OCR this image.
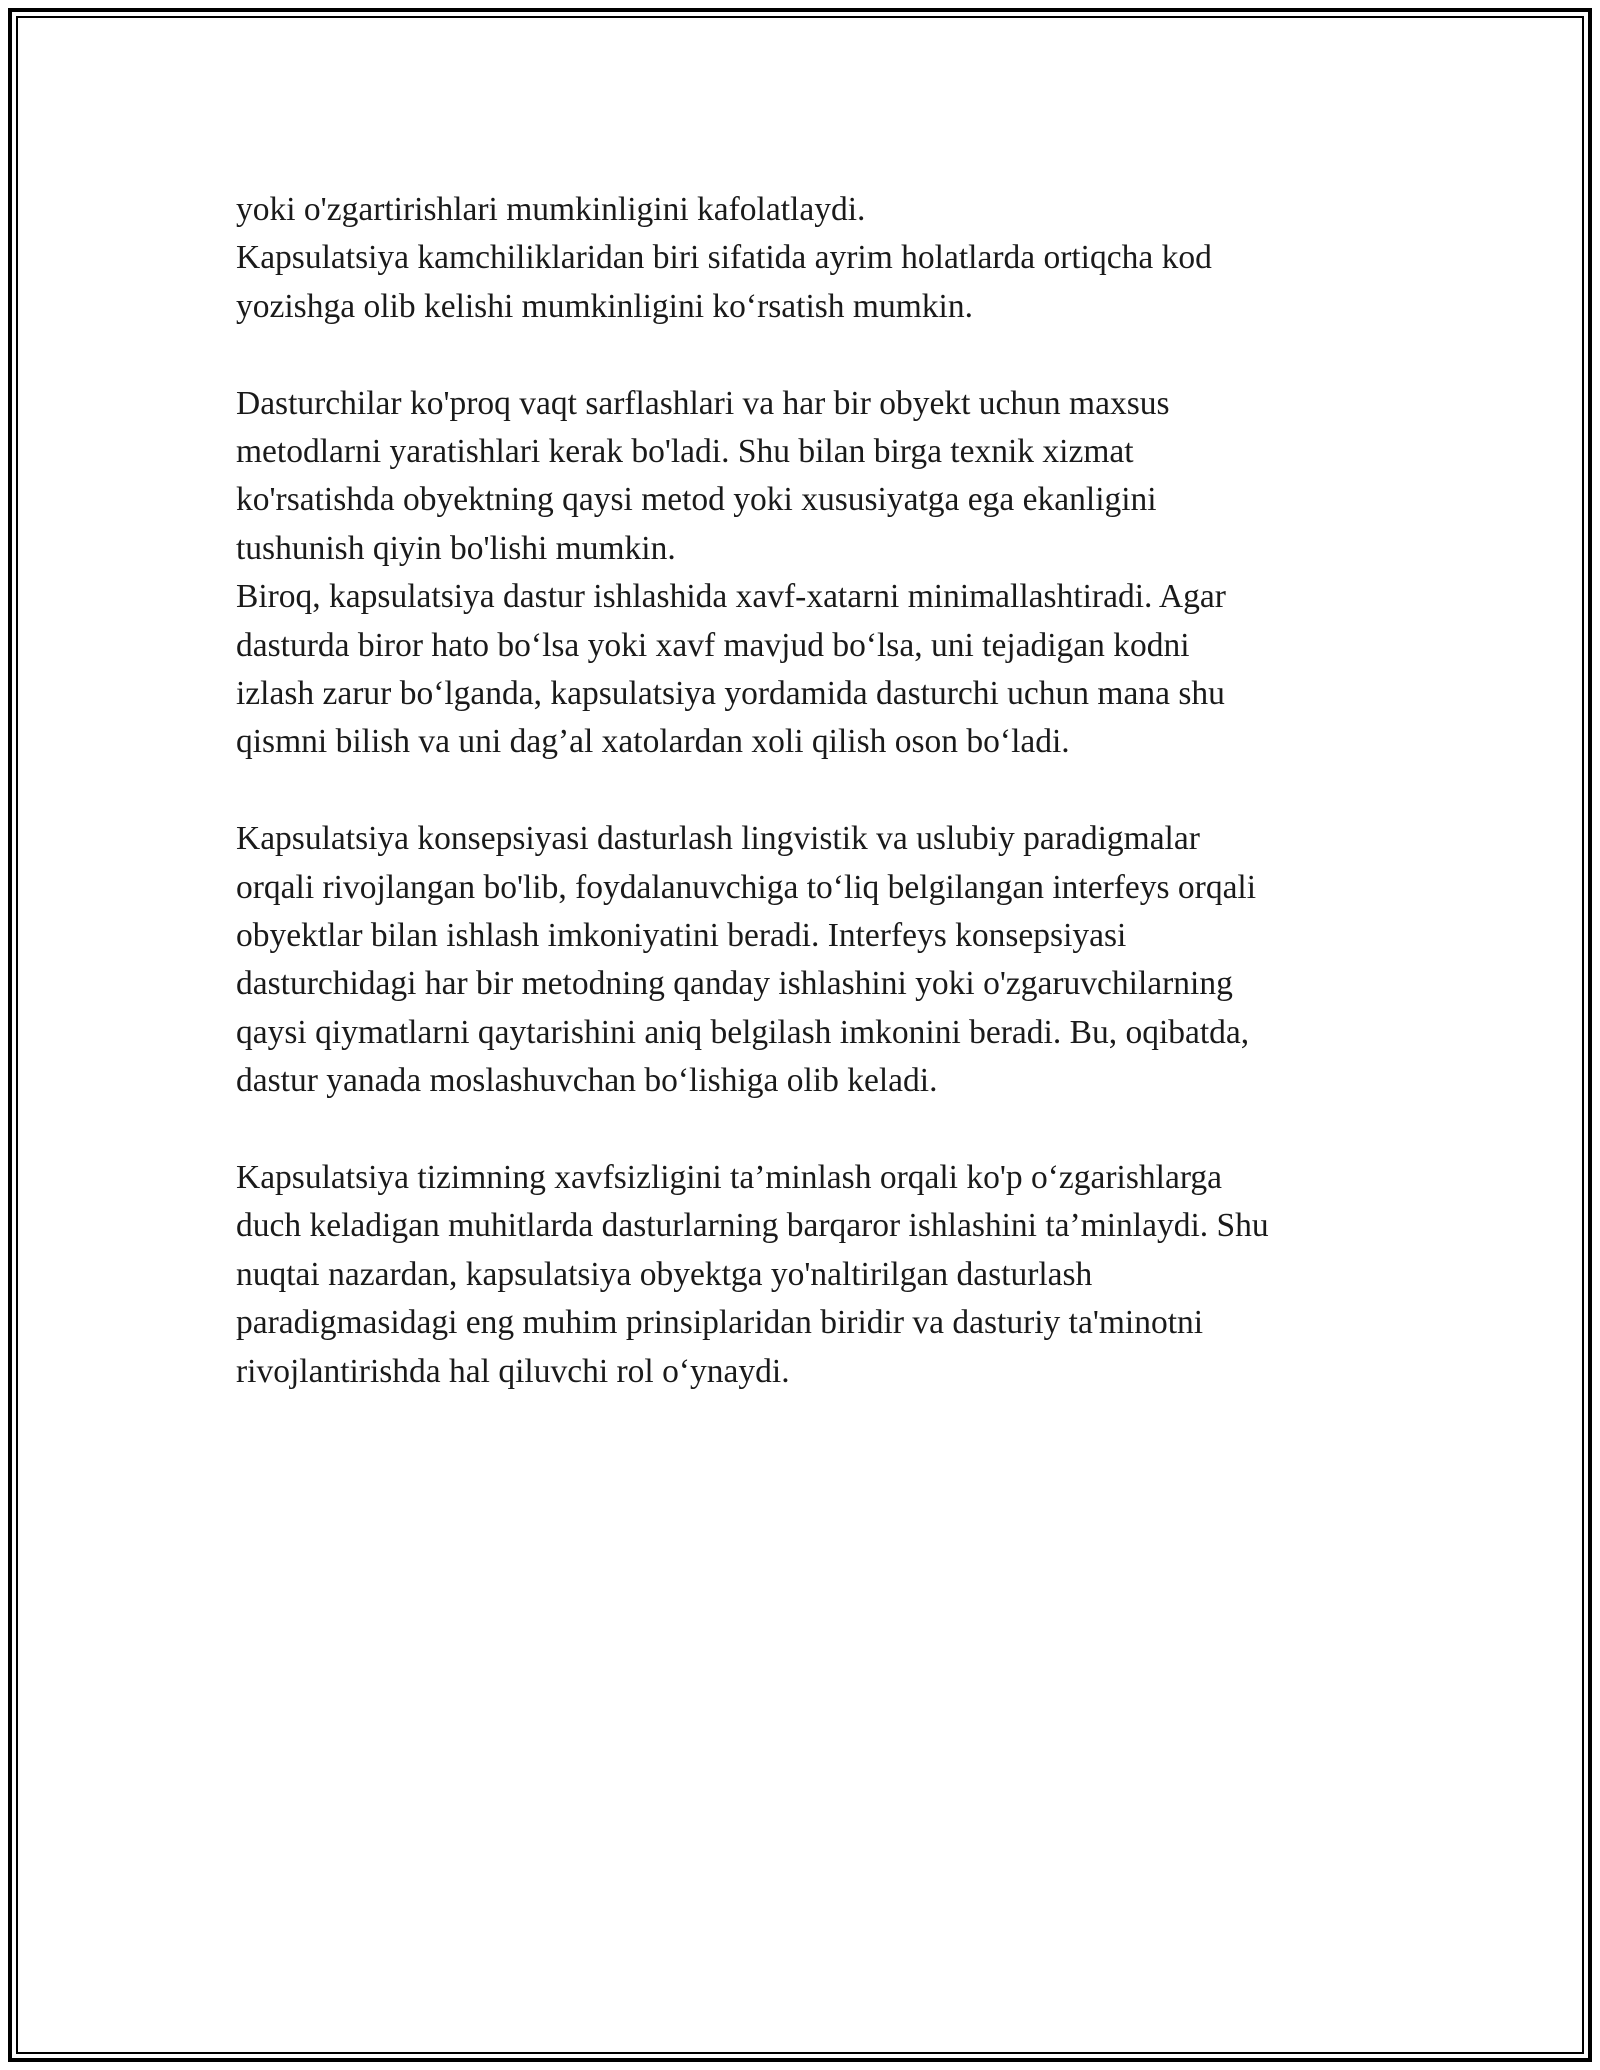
yoki o'zgartirishlari mumkinligini kafolatlaydi.
Kapsulatsiya kamchiliklaridan biri sifatida ayrim holatlarda ortiqcha kod
yozishga olib kelishi mumkinligini ko‘rsatish mumkin.

Dasturchilar ko'proq vaqt sarflashlari va har bir obyekt uchun maxsus
metodlarni yaratishlari kerak bo'ladi. Shu bilan birga texnik xizmat
ko'rsatishda obyektning qaysi metod yoki xususiyatga ega ekanligini
tushunish qiyin bo'lishi mumkin.
Biroq, kapsulatsiya dastur ishlashida xavf-xatarni minimallashtiradi. Agar
dasturda biror hato bo‘lsa yoki xavf mavjud bo‘lsa, uni tejadigan kodni
izlash zarur bo‘lganda, kapsulatsiya yordamida dasturchi uchun mana shu
qismni bilish va uni dag’al xatolardan xoli qilish oson bo‘ladi.

Kapsulatsiya konsepsiyasi dasturlash lingvistik va uslubiy paradigmalar
orqali rivojlangan bo'lib, foydalanuvchiga to‘liq belgilangan interfeys orqali
obyektlar bilan ishlash imkoniyatini beradi. Interfeys konsepsiyasi
dasturchidagi har bir metodning qanday ishlashini yoki o'zgaruvchilarning
qaysi qiymatlarni qaytarishini aniq belgilash imkonini beradi. Bu, oqibatda,
dastur yanada moslashuvchan bo‘lishiga olib keladi.

Kapsulatsiya tizimning xavfsizligini ta’minlash orqali ko'p o‘zgarishlarga
duch keladigan muhitlarda dasturlarning barqaror ishlashini ta’minlaydi. Shu
nuqtai nazardan, kapsulatsiya obyektga yo'naltirilgan dasturlash
paradigmasidagi eng muhim prinsiplaridan biridir va dasturiy ta'minotni
rivojlantirishda hal qiluvchi rol o‘ynaydi.
